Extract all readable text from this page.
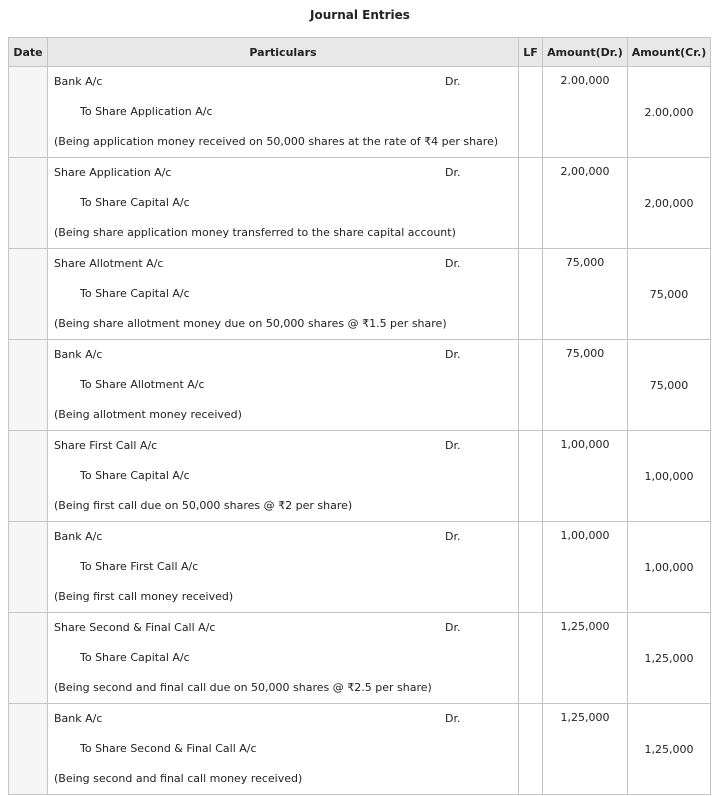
Journal Entries
Date	Particulars	LF	Amount(Dr.)	Amount(Cr.)

	Bank A/c Dr.		2.00,000	

	To Share Application A/c			2.00,000

	(Being application money received on 50,000 shares at the rate of ₹4 per share)			

	Share Application A/c Dr.		2,00,000	

	To Share Capital A/c			2,00,000

	(Being share application money transferred to the share capital account)			

	Share Allotment A/c Dr.		75,000	

	To Share Capital A/c			75,000

	(Being share allotment money due on 50,000 shares @ ₹1.5 per share)			

	Bank A/c Dr.		75,000	

	To Share Allotment A/c			75,000

	(Being allotment money received)			

	Share First Call A/c Dr.		1,00,000	

	To Share Capital A/c			1,00,000

	(Being first call due on 50,000 shares @ ₹2 per share)			

	Bank A/c Dr.		1,00,000	

	To Share First Call A/c			1,00,000

	(Being first call money received)			

	Share Second & Final Call A/c Dr.		1,25,000	

	To Share Capital A/c			1,25,000

	(Being second and final call due on 50,000 shares @ ₹2.5 per share)			

	Bank A/c Dr.		1,25,000	

	To Share Second & Final Call A/c			1,25,000

	(Being second and final call money received)			
